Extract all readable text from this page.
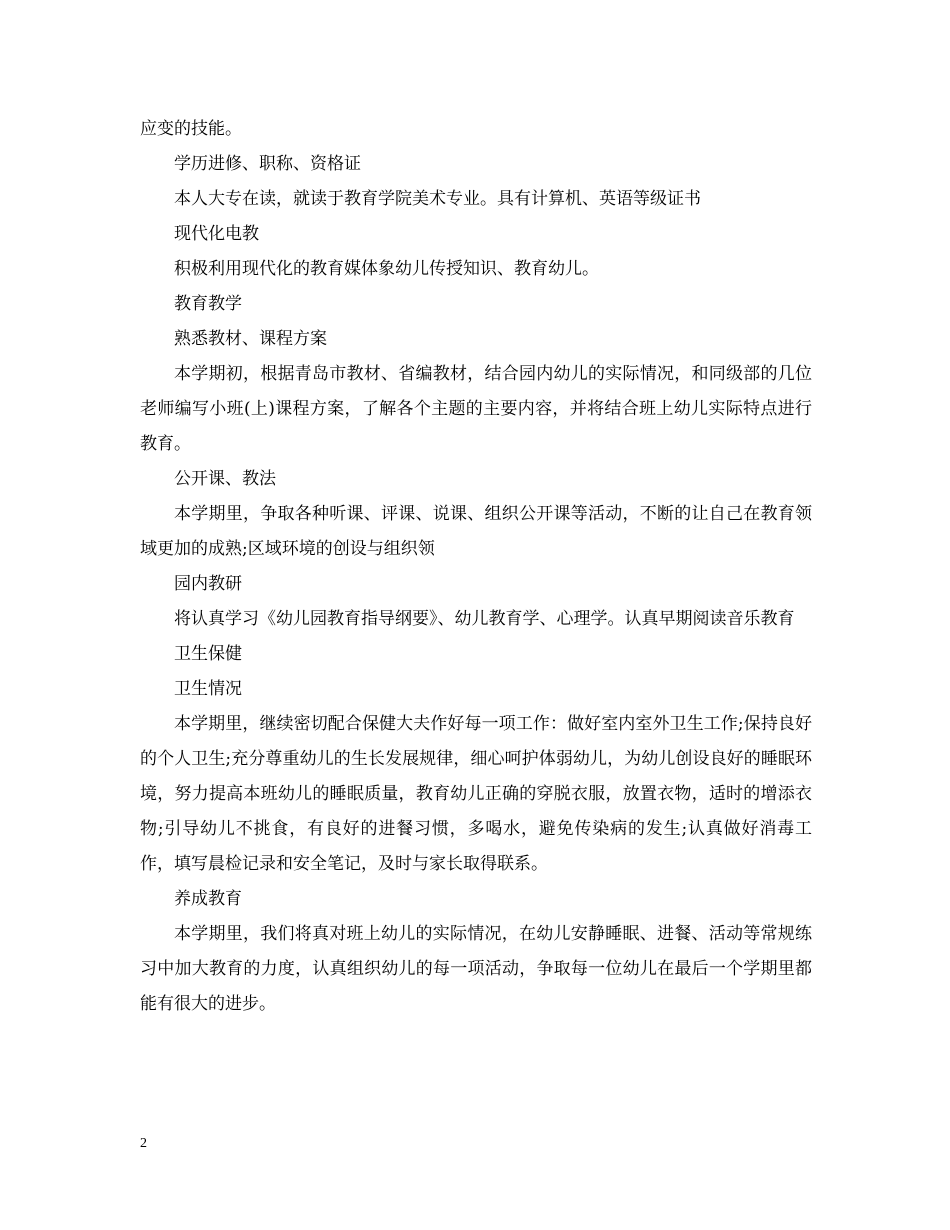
应变的技能。

学历进修、职称、资格证

本人大专在读，就读于教育学院美术专业。具有计算机、英语等级证书

现代化电教

积极利用现代化的教育媒体象幼儿传授知识、教育幼儿。

教育教学

熟悉教材、课程方案

本学期初，根据青岛市教材、省编教材，结合园内幼儿的实际情况，和同级部的几位老师编写小班(上)课程方案，了解各个主题的主要内容，并将结合班上幼儿实际特点进行教育。

公开课、教法

本学期里，争取各种听课、评课、说课、组织公开课等活动，不断的让自己在教育领域更加的成熟;区域环境的创设与组织领

园内教研

将认真学习《幼儿园教育指导纲要》、幼儿教育学、心理学。认真早期阅读音乐教育

卫生保健

卫生情况

本学期里，继续密切配合保健大夫作好每一项工作：做好室内室外卫生工作;保持良好的个人卫生;充分尊重幼儿的生长发展规律，细心呵护体弱幼儿，为幼儿创设良好的睡眠环境，努力提高本班幼儿的睡眠质量，教育幼儿正确的穿脱衣服，放置衣物，适时的增添衣物;引导幼儿不挑食，有良好的进餐习惯，多喝水，避免传染病的发生;认真做好消毒工作，填写晨检记录和安全笔记，及时与家长取得联系。

养成教育

本学期里，我们将真对班上幼儿的实际情况，在幼儿安静睡眠、进餐、活动等常规练习中加大教育的力度，认真组织幼儿的每一项活动，争取每一位幼儿在最后一个学期里都能有很大的进步。

2
